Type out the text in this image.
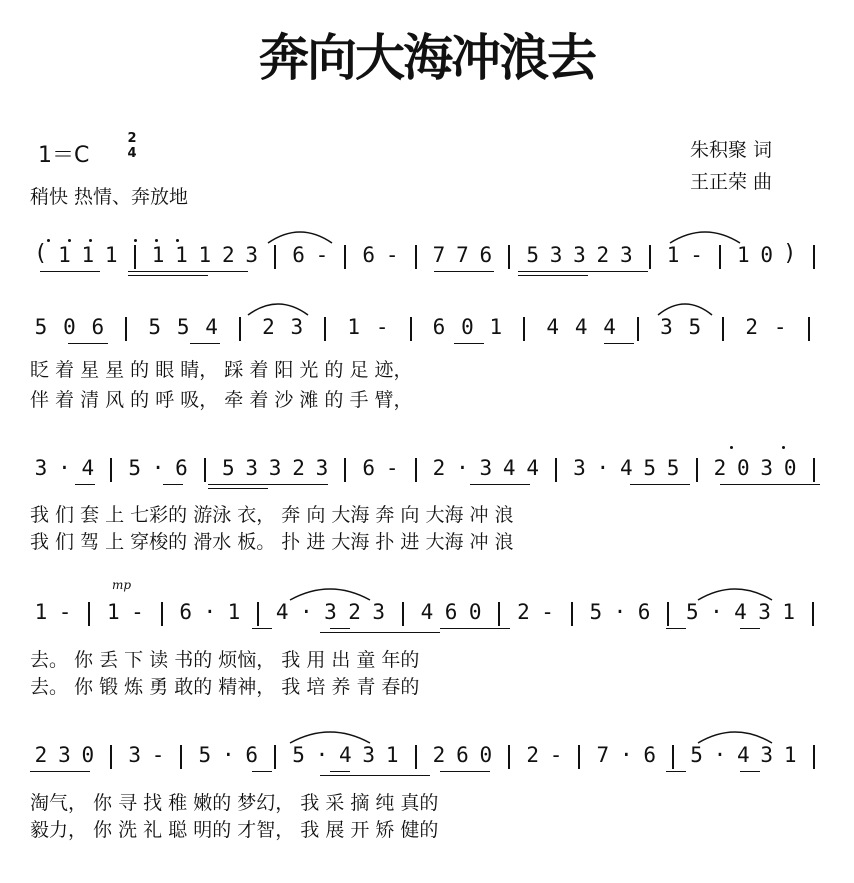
奔向大海冲浪去
1＝C
2
4
稍快 热情、奔放地
朱积聚 词
王正荣 曲
( 1 1 1 1 1 1 2 3 6 - 6 - 7 7 6 5 3 3 2 3 1 - 1 0 )
5 0 6 5 5 4 2 3 1 - 6 0 1 4 4 4 3 5 2 -
眨 着 星 星 的 眼 睛， 踩 着 阳 光 的 足 迹，
伴 着 清 风 的 呼 吸， 牵 着 沙 滩 的 手 臂，
3 · 4 5 · 6 5 3 3 2 3 6 - 2 · 3 4 4 3 · 4 5 5 2 0 3 0
我 们 套 上 七彩的 游泳 衣， 奔 向 大海 奔 向 大海 冲 浪
我 们 驾 上 穿梭的 滑水 板。 扑 进 大海 扑 进 大海 冲 浪
mp
1 - 1 - 6 · 1 4 · 3 2 3 4 6 0 2 - 5 · 6 5 · 4 3 1
去。 你 丢 下 读 书的 烦恼， 我 用 出 童 年的
去。 你 锻 炼 勇 敢的 精神， 我 培 养 青 春的
2 3 0 3 - 5 · 6 5 · 4 3 1 2 6 0 2 - 7 · 6 5 · 4 3 1
淘气， 你 寻 找 稚 嫩的 梦幻， 我 采 摘 纯 真的
毅力， 你 洗 礼 聪 明的 才智， 我 展 开 矫 健的
